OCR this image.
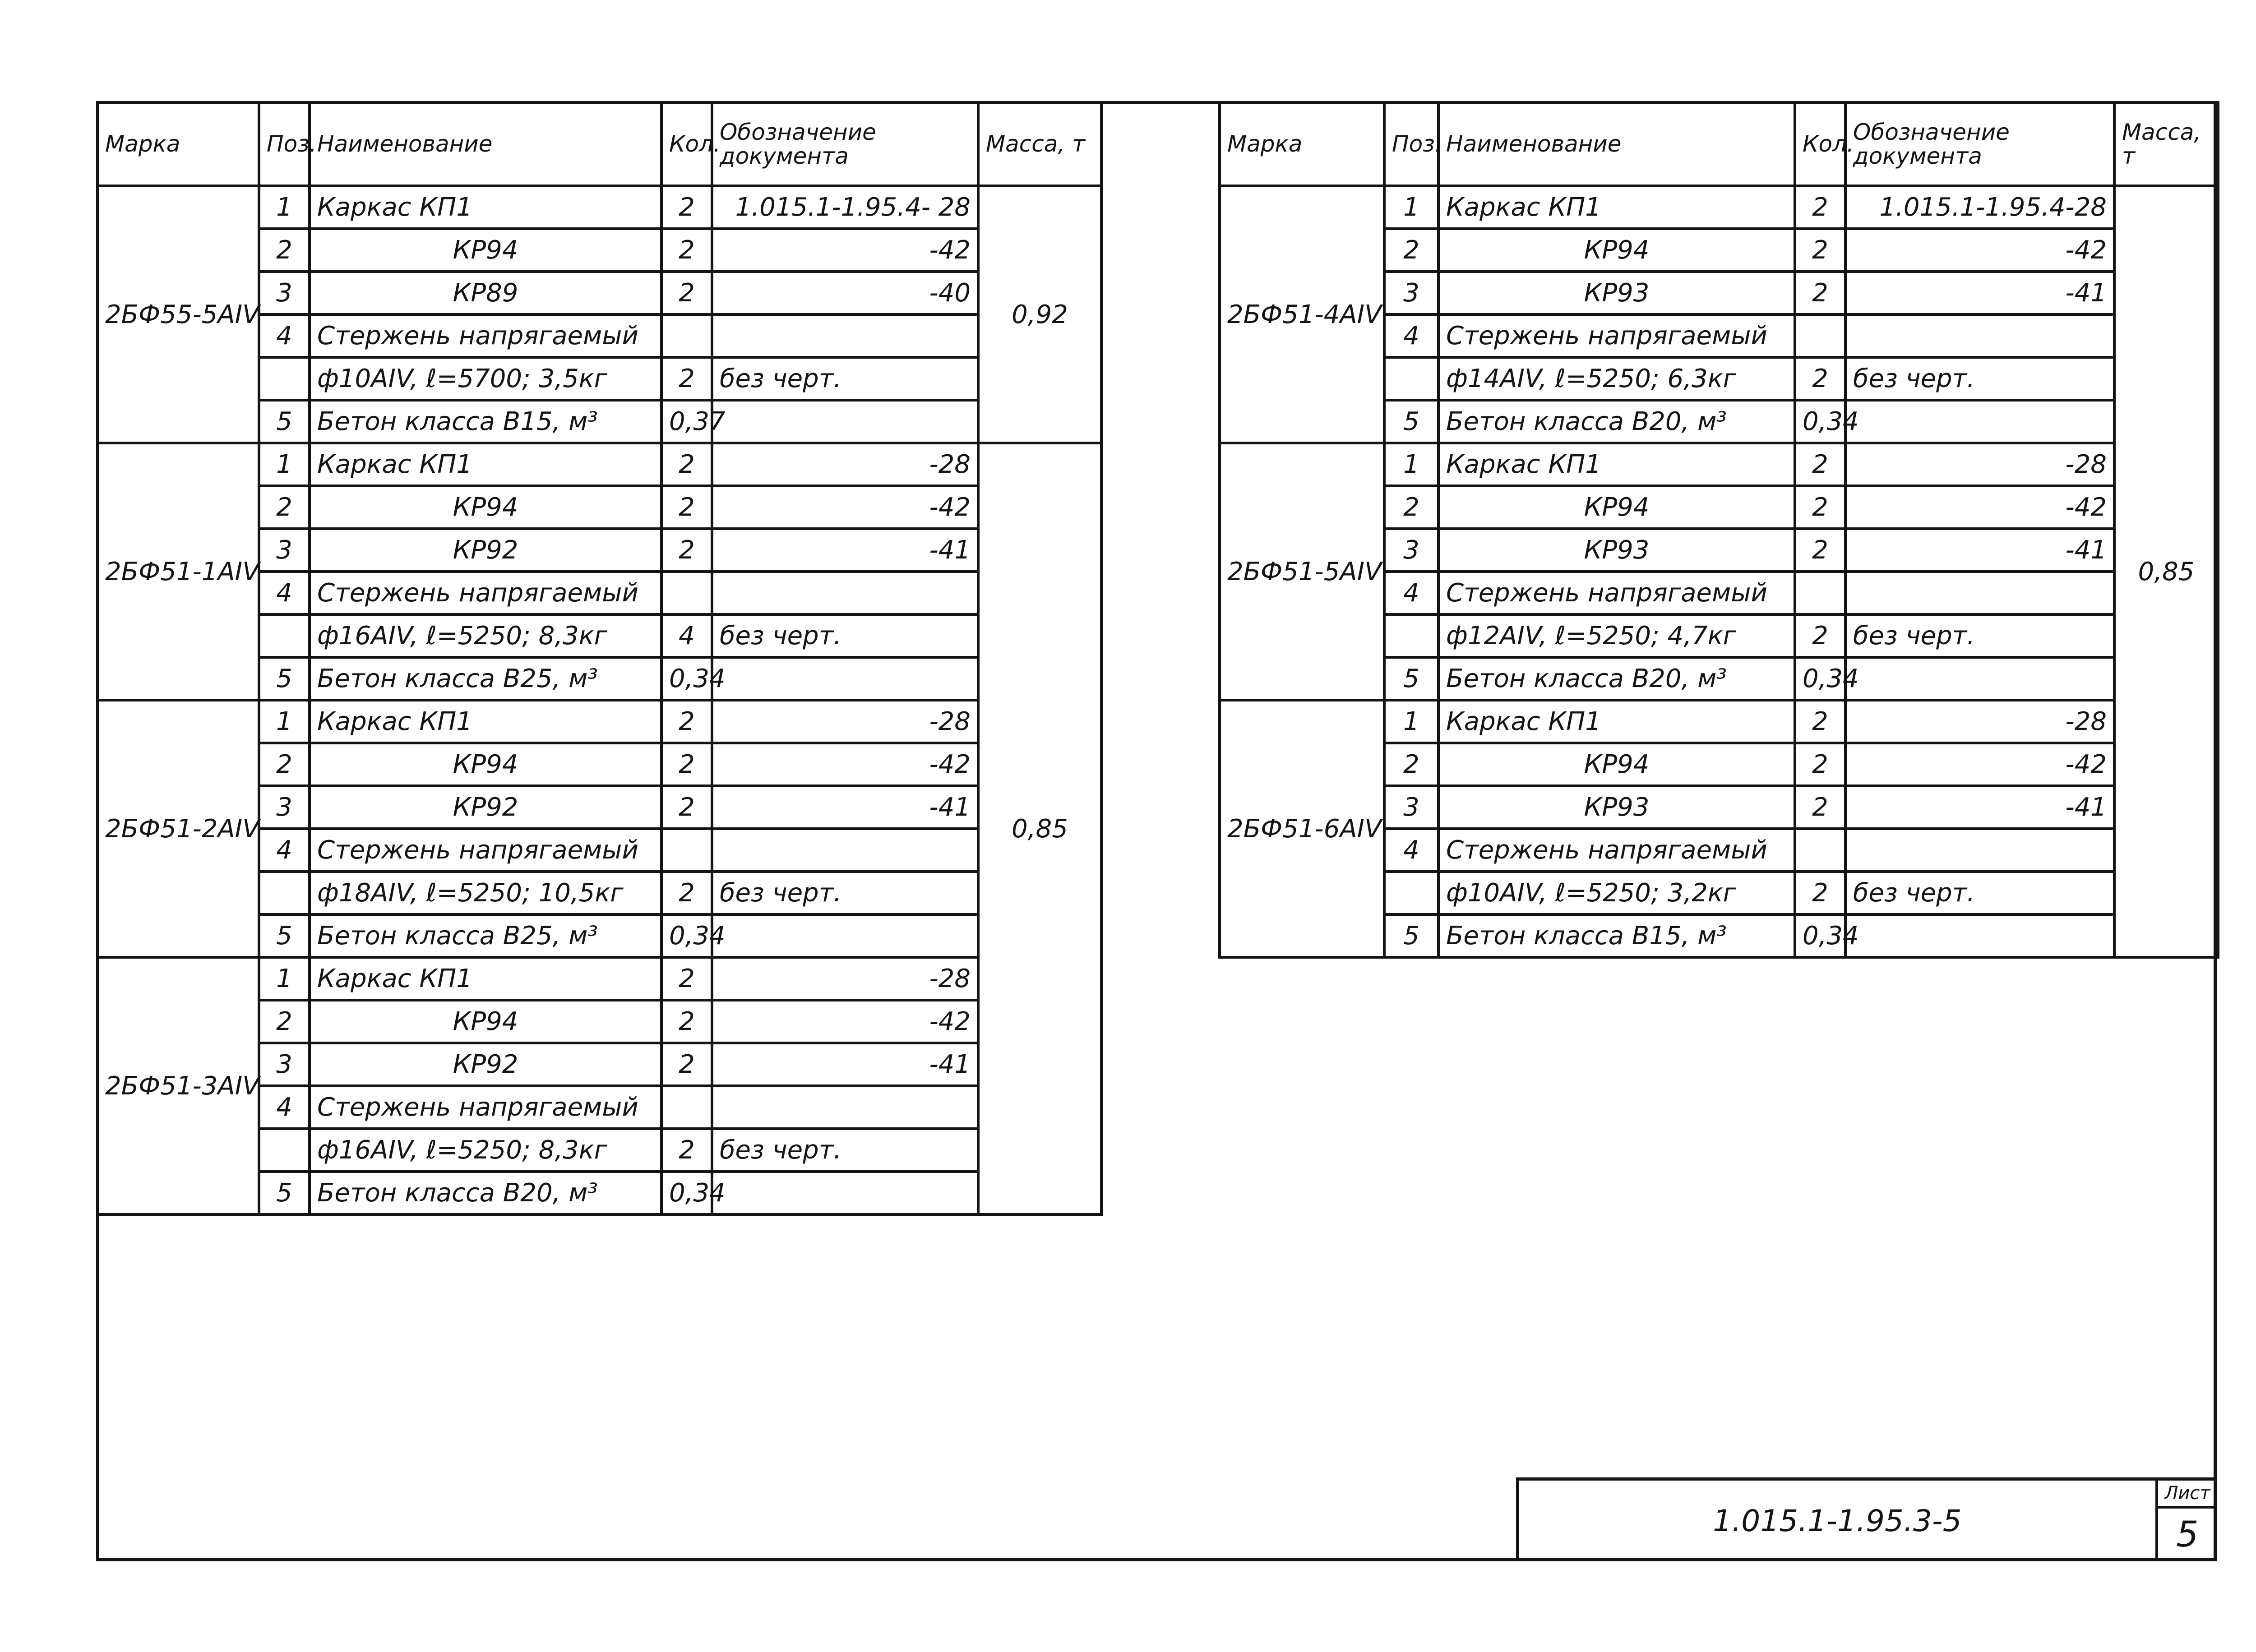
Марка	Поз.	Наименование	Кол.	Обозначение документа	Масса, т
2БФ55-5АIV	1	Каркас КП1	2	1.015.1-1.95.4- 28	0,92
	2	КР94	2	-42	
	3	КР89	2	-40	
	4	Стержень напрягаемый			
		ф10АIV, ℓ=5700; 3,5кг	2	без черт.	
	5	Бетон класса В15, м³	0,37		
2БФ51-1АIV	1	Каркас КП1	2	-28	0,85
	2	КР94	2	-42	
	3	КР92	2	-41	
	4	Стержень напрягаемый			
		ф16АIV, ℓ=5250; 8,3кг	4	без черт.	
	5	Бетон класса В25, м³	0,34		
2БФ51-2АIV	1	Каркас КП1	2	-28	
	2	КР94	2	-42	
	3	КР92	2	-41	
	4	Стержень напрягаемый			
		ф18АIV, ℓ=5250; 10,5кг	2	без черт.	
	5	Бетон класса В25, м³	0,34		
2БФ51-3АIV	1	Каркас КП1	2	-28	
	2	КР94	2	-42	
	3	КР92	2	-41	
	4	Стержень напрягаемый			
		ф16АIV, ℓ=5250; 8,3кг	2	без черт.	
	5	Бетон класса В20, м³	0,34		
Марка	Поз.	Наименование	Кол.	Обозначение документа	Масса, т
2БФ51-4АIV	1	Каркас КП1	2	1.015.1-1.95.4-28	0,85
	2	КР94	2	-42	
	3	КР93	2	-41	
	4	Стержень напрягаемый			
		ф14АIV, ℓ=5250; 6,3кг	2	без черт.	
	5	Бетон класса В20, м³	0,34		
2БФ51-5АIV	1	Каркас КП1	2	-28	
	2	КР94	2	-42	
	3	КР93	2	-41	
	4	Стержень напрягаемый			
		ф12АIV, ℓ=5250; 4,7кг	2	без черт.	
	5	Бетон класса В20, м³	0,34		
2БФ51-6АIV	1	Каркас КП1	2	-28	
	2	КР94	2	-42	
	3	КР93	2	-41	
	4	Стержень напрягаемый			
		ф10АIV, ℓ=5250; 3,2кг	2	без черт.	
	5	Бетон класса В15, м³	0,34		
1.015.1-1.95.3-5
Лист
5
